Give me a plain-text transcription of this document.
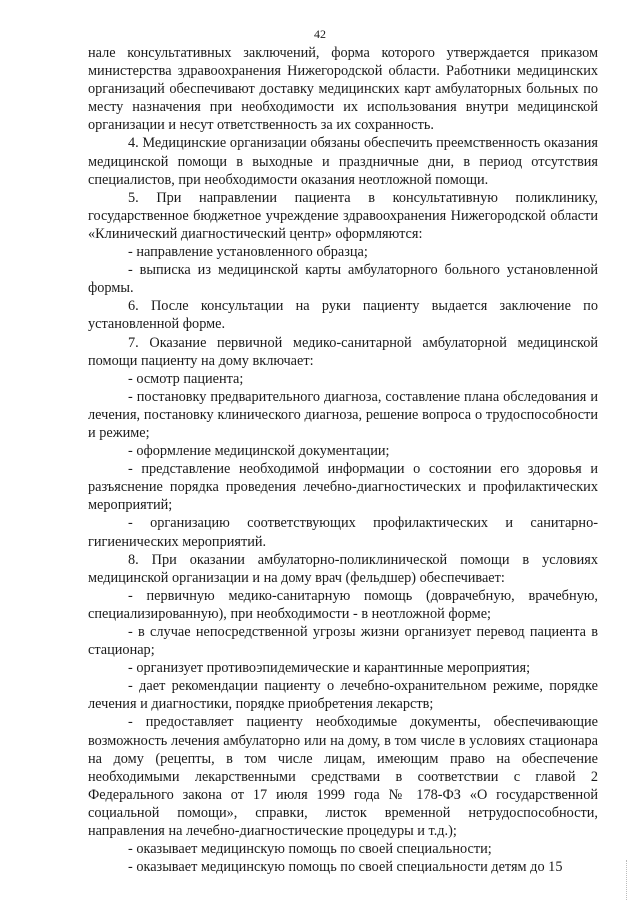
42

нале консультативных заключений, форма которого утверждается приказом министерства здравоохранения Нижегородской области. Работники медицинских организаций обеспечивают доставку медицинских карт амбулаторных больных по месту назначения при необходимости их использования внутри медицинской организации и несут ответственность за их сохранность.

4. Медицинские организации обязаны обеспечить преемственность оказания медицинской помощи в выходные и праздничные дни, в период отсутствия специалистов, при необходимости оказания неотложной помощи.

5. При направлении пациента в консультативную поликлинику, государственное бюджетное учреждение здравоохранения Нижегородской области «Клинический диагностический центр» оформляются:

- направление установленного образца;

- выписка из медицинской карты амбулаторного больного установленной формы.

6. После консультации на руки пациенту выдается заключение по установленной форме.

7. Оказание первичной медико-санитарной амбулаторной медицинской помощи пациенту на дому включает:

- осмотр пациента;

- постановку предварительного диагноза, составление плана обследования и лечения, постановку клинического диагноза, решение вопроса о трудоспособности и режиме;

- оформление медицинской документации;

- представление необходимой информации о состоянии его здоровья и разъяснение порядка проведения лечебно-диагностических и профилактических мероприятий;

- организацию соответствующих профилактических и санитарно-гигиенических мероприятий.

8. При оказании амбулаторно-поликлинической помощи в условиях медицинской организации и на дому врач (фельдшер) обеспечивает:

- первичную медико-санитарную помощь (доврачебную, врачебную, специализированную), при необходимости - в неотложной форме;

- в случае непосредственной угрозы жизни организует перевод пациента в стационар;

- организует противоэпидемические и карантинные мероприятия;

- дает рекомендации пациенту о лечебно-охранительном режиме, порядке лечения и диагностики, порядке приобретения лекарств;

- предоставляет пациенту необходимые документы, обеспечивающие возможность лечения амбулаторно или на дому, в том числе в условиях стационара на дому (рецепты, в том числе лицам, имеющим право на обеспечение необходимыми лекарственными средствами в соответствии с главой 2 Федерального закона от 17 июля 1999 года № 178-ФЗ «О государственной социальной помощи», справки, листок временной нетрудоспособности, направления на лечебно-диагностические процедуры и т.д.);

- оказывает медицинскую помощь по своей специальности;

- оказывает медицинскую помощь по своей специальности детям до 15
